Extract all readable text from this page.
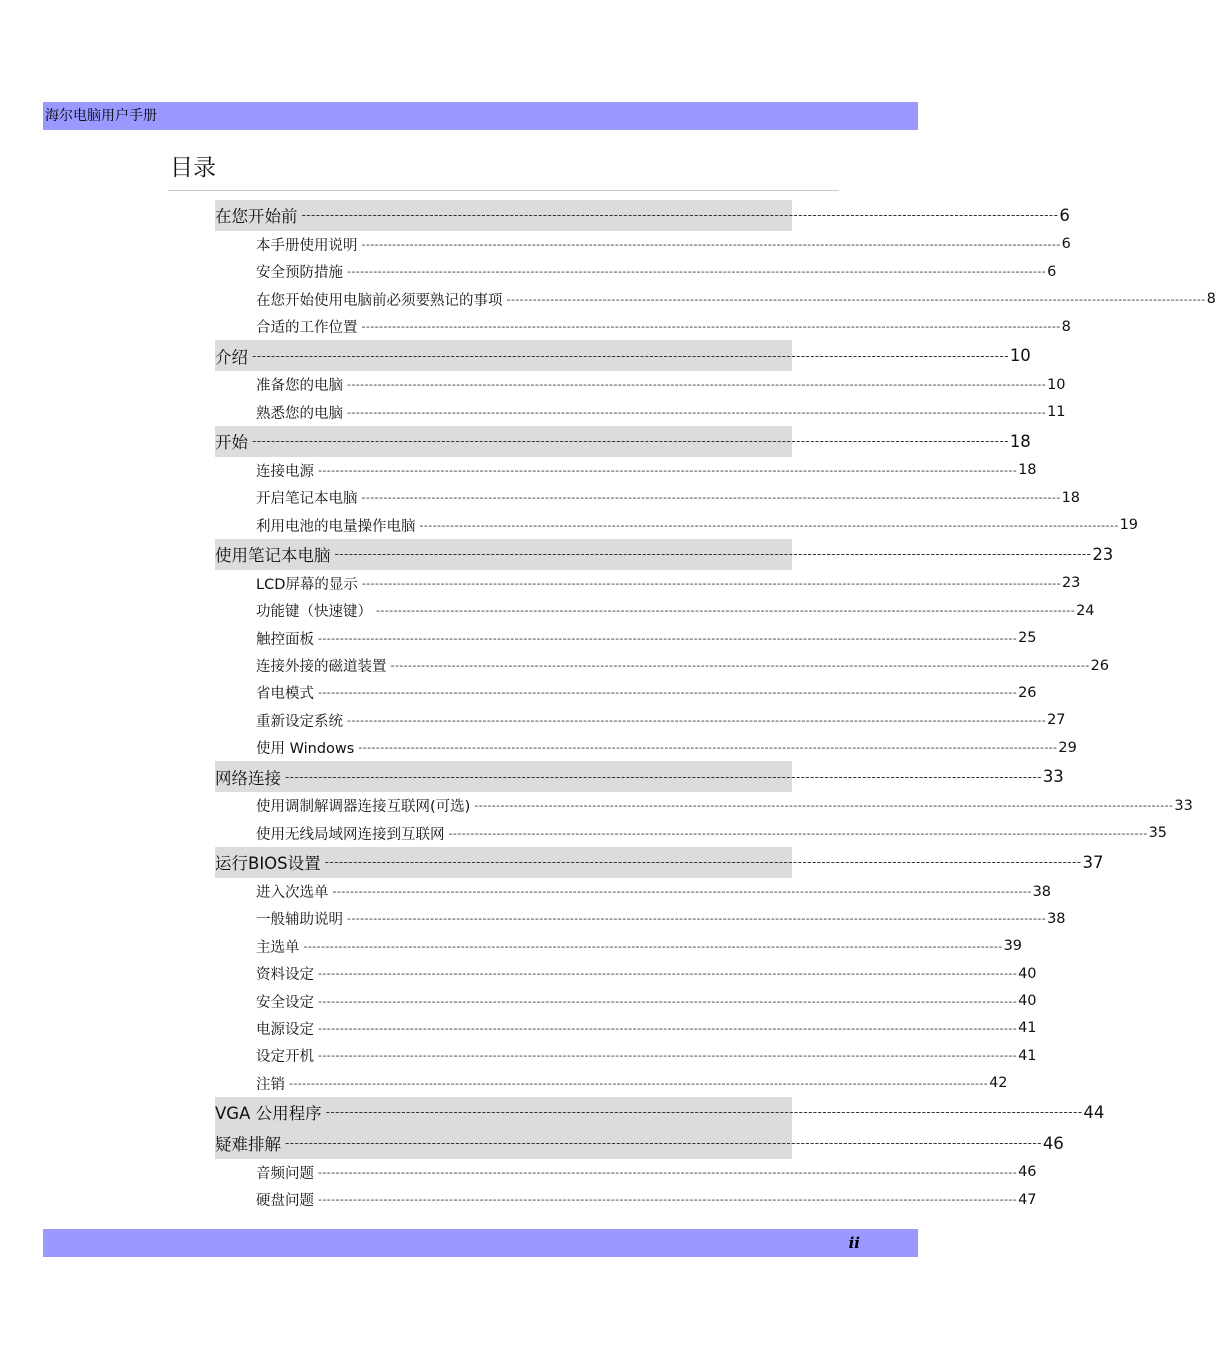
海尔电脑用户手册
目录
在您开始前 ---------------------------------------------------------------------------------------------------------------------------------------------------------------- 6
本手册使用说明 ---------------------------------------------------------------------------------------------------------------------------------------------------------------- 6
安全预防措施 ---------------------------------------------------------------------------------------------------------------------------------------------------------------- 6
在您开始使用电脑前必须要熟记的事项 ---------------------------------------------------------------------------------------------------------------------------------------------------------------- 8
合适的工作位置 ---------------------------------------------------------------------------------------------------------------------------------------------------------------- 8
介绍 ---------------------------------------------------------------------------------------------------------------------------------------------------------------- 10
准备您的电脑 ---------------------------------------------------------------------------------------------------------------------------------------------------------------- 10
熟悉您的电脑 ---------------------------------------------------------------------------------------------------------------------------------------------------------------- 11
开始 ---------------------------------------------------------------------------------------------------------------------------------------------------------------- 18
连接电源 ---------------------------------------------------------------------------------------------------------------------------------------------------------------- 18
开启笔记本电脑 ---------------------------------------------------------------------------------------------------------------------------------------------------------------- 18
利用电池的电量操作电脑 ---------------------------------------------------------------------------------------------------------------------------------------------------------------- 19
使用笔记本电脑 ---------------------------------------------------------------------------------------------------------------------------------------------------------------- 23
LCD屏幕的显示 ---------------------------------------------------------------------------------------------------------------------------------------------------------------- 23
功能键（快速键） ---------------------------------------------------------------------------------------------------------------------------------------------------------------- 24
触控面板 ---------------------------------------------------------------------------------------------------------------------------------------------------------------- 25
连接外接的磁道装置 ---------------------------------------------------------------------------------------------------------------------------------------------------------------- 26
省电模式 ---------------------------------------------------------------------------------------------------------------------------------------------------------------- 26
重新设定系统 ---------------------------------------------------------------------------------------------------------------------------------------------------------------- 27
使用 Windows ---------------------------------------------------------------------------------------------------------------------------------------------------------------- 29
网络连接 ---------------------------------------------------------------------------------------------------------------------------------------------------------------- 33
使用调制解调器连接互联网(可选) ---------------------------------------------------------------------------------------------------------------------------------------------------------------- 33
使用无线局域网连接到互联网 ---------------------------------------------------------------------------------------------------------------------------------------------------------------- 35
运行BIOS设置 ---------------------------------------------------------------------------------------------------------------------------------------------------------------- 37
进入次选单 ---------------------------------------------------------------------------------------------------------------------------------------------------------------- 38
一般辅助说明 ---------------------------------------------------------------------------------------------------------------------------------------------------------------- 38
主选单 ---------------------------------------------------------------------------------------------------------------------------------------------------------------- 39
资料设定 ---------------------------------------------------------------------------------------------------------------------------------------------------------------- 40
安全设定 ---------------------------------------------------------------------------------------------------------------------------------------------------------------- 40
电源设定 ---------------------------------------------------------------------------------------------------------------------------------------------------------------- 41
设定开机 ---------------------------------------------------------------------------------------------------------------------------------------------------------------- 41
注销 ---------------------------------------------------------------------------------------------------------------------------------------------------------------- 42
VGA 公用程序 ---------------------------------------------------------------------------------------------------------------------------------------------------------------- 44
疑难排解 ---------------------------------------------------------------------------------------------------------------------------------------------------------------- 46
音频问题 ---------------------------------------------------------------------------------------------------------------------------------------------------------------- 46
硬盘问题 ---------------------------------------------------------------------------------------------------------------------------------------------------------------- 47
ii
